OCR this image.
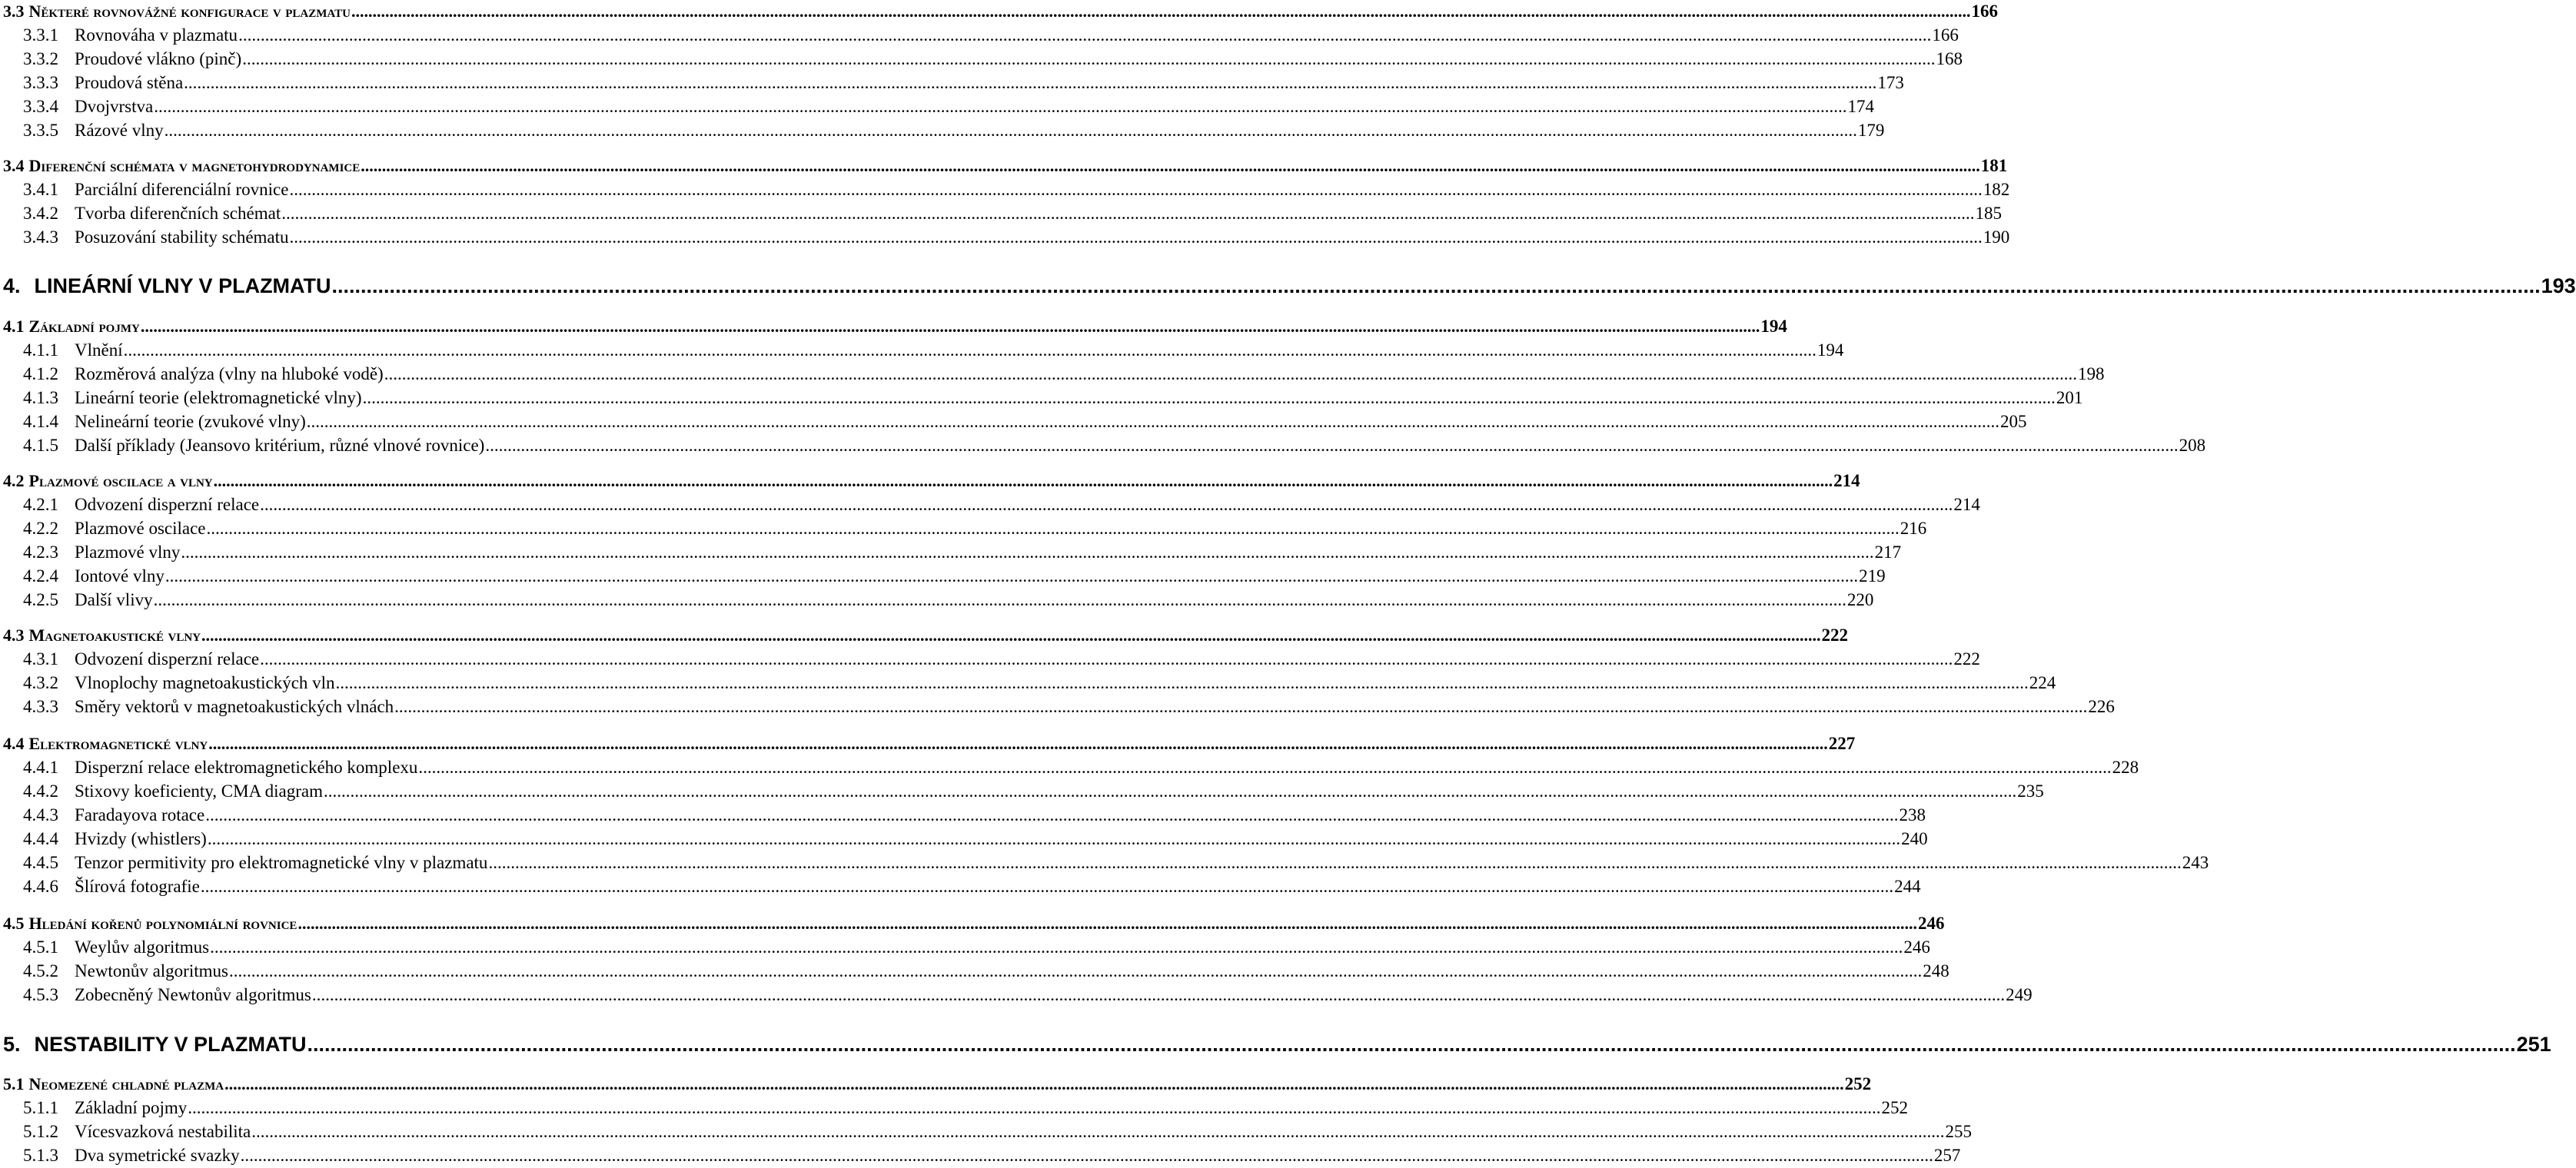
3.3 Některé rovnovážné konfigurace v plazmatu .....	166
3.3.1 Rovnováha v plazmatu .....	166
3.3.2 Proudové vlákno (pinč) .....	168
3.3.3 Proudová stěna .....	173
3.3.4 Dvojvrstva .....	174
3.3.5 Rázové vlny .....	179
3.4 Diferenční schémata v magnetohydrodynamice .....	181
3.4.1 Parciální diferenciální rovnice .....	182
3.4.2 Tvorba diferenčních schémat .....	185
3.4.3 Posuzování stability schématu .....	190
4. LINEÁRNÍ VLNY V PLAZMATU .....	193
4.1 Základní pojmy .....	194
4.1.1 Vlnění .....	194
4.1.2 Rozměrová analýza (vlny na hluboké vodě) .....	198
4.1.3 Lineární teorie (elektromagnetické vlny) .....	201
4.1.4 Nelineární teorie (zvukové vlny) .....	205
4.1.5 Další příklady (Jeansovo kritérium, různé vlnové rovnice) .....	208
4.2 Plazmové oscilace a vlny .....	214
4.2.1 Odvození disperzní relace .....	214
4.2.2 Plazmové oscilace .....	216
4.2.3 Plazmové vlny .....	217
4.2.4 Iontové vlny .....	219
4.2.5 Další vlivy .....	220
4.3 Magnetoakustické vlny .....	222
4.3.1 Odvození disperzní relace .....	222
4.3.2 Vlnoplochy magnetoakustických vln .....	224
4.3.3 Směry vektorů v magnetoakustických vlnách .....	226
4.4 Elektromagnetické vlny .....	227
4.4.1 Disperzní relace elektromagnetického komplexu .....	228
4.4.2 Stixovy koeficienty, CMA diagram .....	235
4.4.3 Faradayova rotace .....	238
4.4.4 Hvizdy (whistlers) .....	240
4.4.5 Tenzor permitivity pro elektromagnetické vlny v plazmatu .....	243
4.4.6 Šlírová fotografie .....	244
4.5 Hledání kořenů polynomiální rovnice .....	246
4.5.1 Weylův algoritmus .....	246
4.5.2 Newtonův algoritmus .....	248
4.5.3 Zobecněný Newtonův algoritmus .....	249
5. NESTABILITY V PLAZMATU .....	251
5.1 Neomezené chladné plazma .....	252
5.1.1 Základní pojmy .....	252
5.1.2 Vícesvazková nestabilita .....	255
5.1.3 Dva symetrické svazky .....	257
